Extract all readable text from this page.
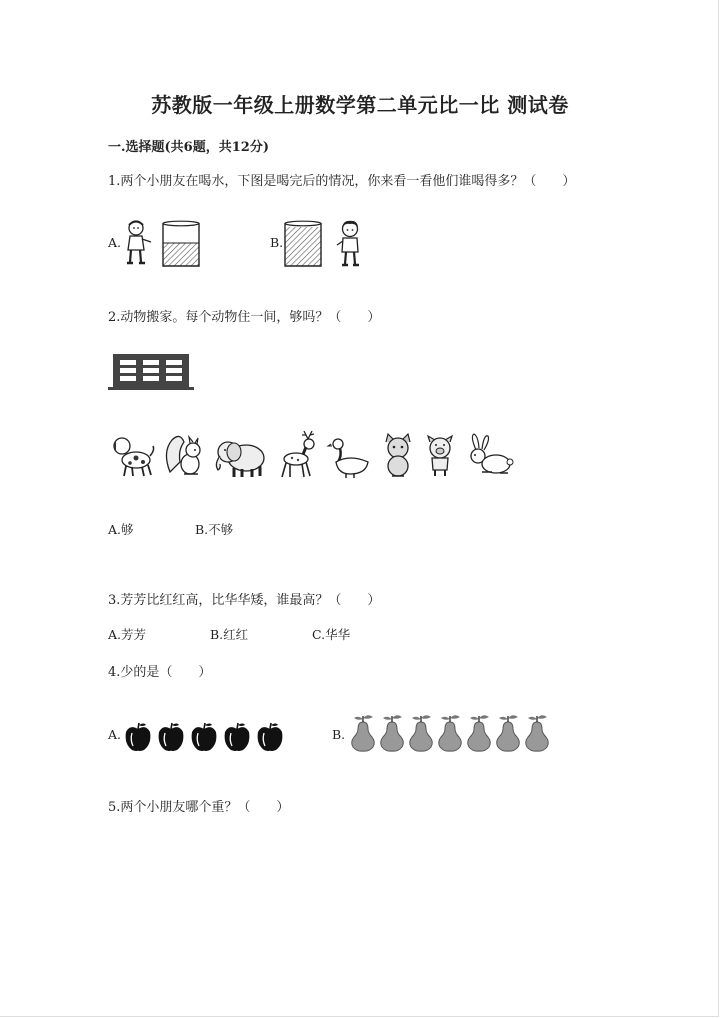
苏教版一年级上册数学第二单元比一比 测试卷
一.选择题(共6题，共12分)
1.两个小朋友在喝水，下图是喝完后的情况，你来看一看他们谁喝得多？（　　）
A.	B.
2.动物搬家。每个动物住一间，够吗？（　　）
A.够	B.不够
3.芳芳比红红高，比华华矮，谁最高？（　　）
A.芳芳	B.红红	C.华华
4.少的是（　　）
A.	B.
5.两个小朋友哪个重？（　　）
